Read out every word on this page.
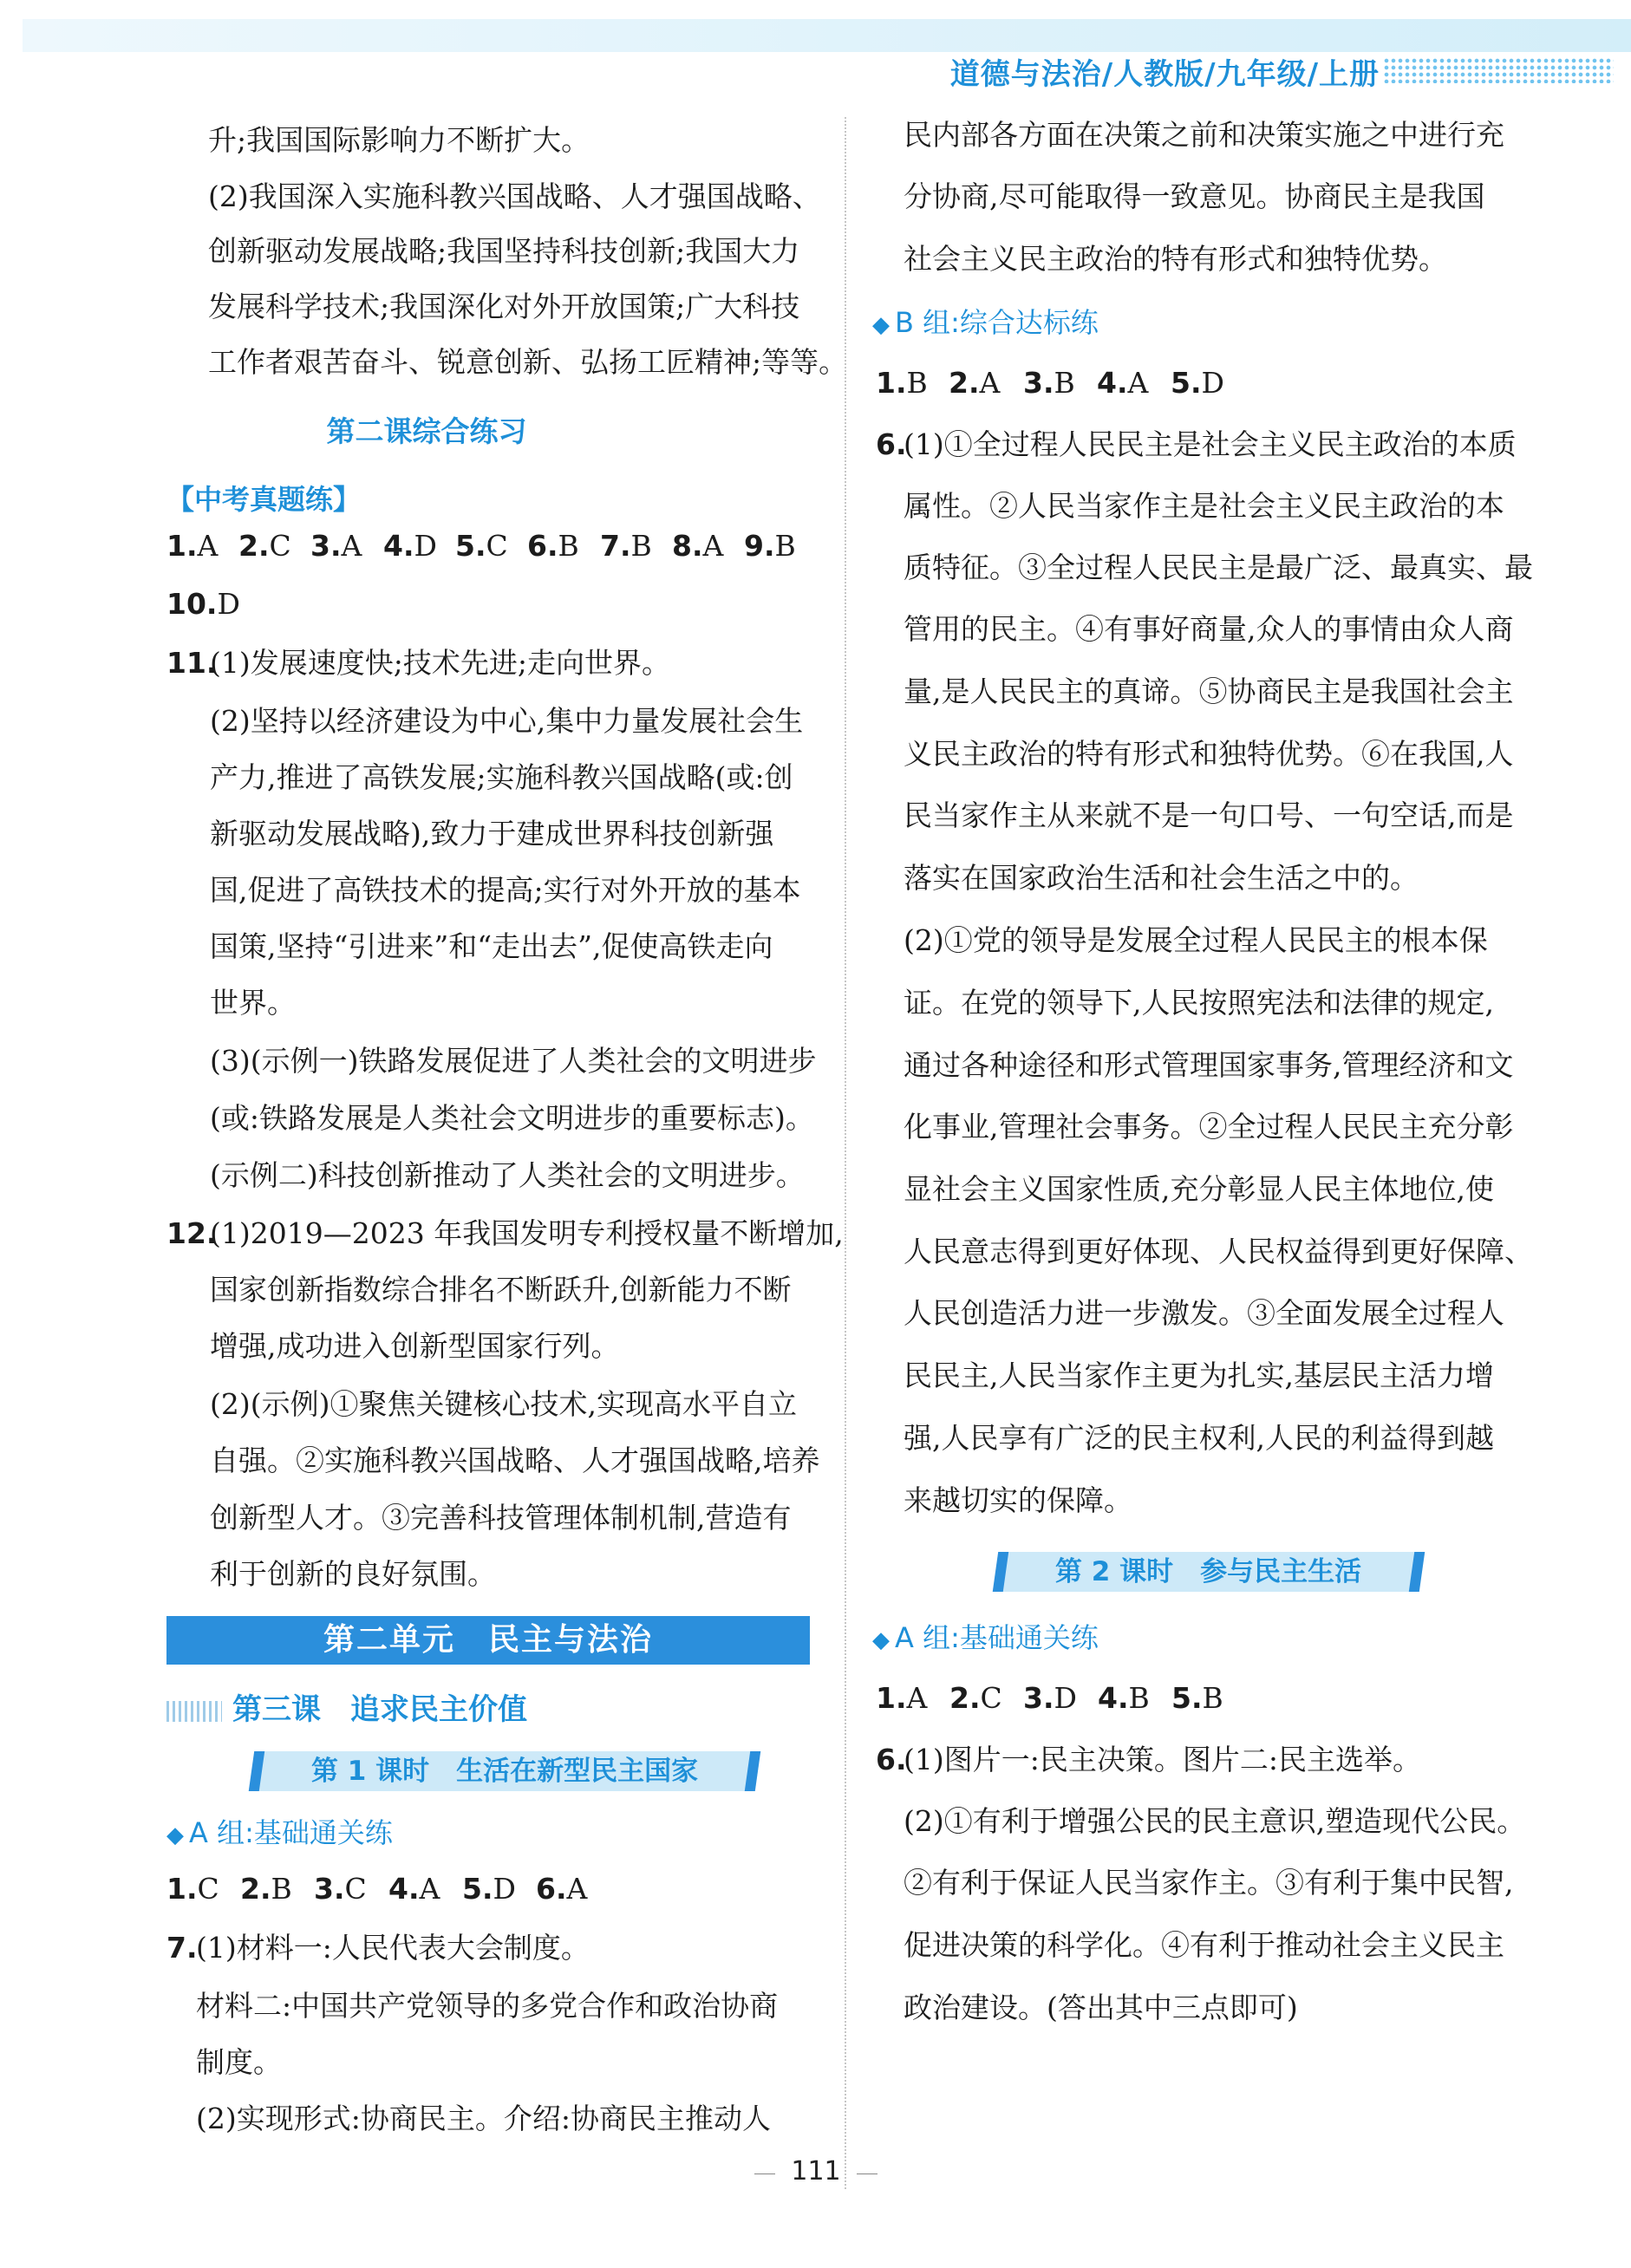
道德与法治/人教版/九年级/上册
升;我国国际影响力不断扩大。
(2)我国深入实施科教兴国战略、人才强国战略、
创新驱动发展战略;我国坚持科技创新;我国大力
发展科学技术;我国深化对外开放国策;广大科技
工作者艰苦奋斗、锐意创新、弘扬工匠精神;等等。
第二课综合练习
【中考真题练】
1.A 2.C 3.A 4.D 5.C 6.B 7.B 8.A 9.B
10.D
11.
(1)发展速度快;技术先进;走向世界。
(2)坚持以经济建设为中心,集中力量发展社会生
产力,推进了高铁发展;实施科教兴国战略(或:创
新驱动发展战略),致力于建成世界科技创新强
国,促进了高铁技术的提高;实行对外开放的基本
国策,坚持“引进来”和“走出去”,促使高铁走向
世界。
(3)(示例一)铁路发展促进了人类社会的文明进步
(或:铁路发展是人类社会文明进步的重要标志)。
(示例二)科技创新推动了人类社会的文明进步。
12.
(1)2019—2023 年我国发明专利授权量不断增加,
国家创新指数综合排名不断跃升,创新能力不断
增强,成功进入创新型国家行列。
(2)(示例)①聚焦关键核心技术,实现高水平自立
自强。②实施科教兴国战略、人才强国战略,培养
创新型人才。③完善科技管理体制机制,营造有
利于创新的良好氛围。
第二单元　民主与法治
第三课　追求民主价值
第 1 课时　生活在新型民主国家
◆ A 组:基础通关练
1.C 2.B 3.C 4.A 5.D 6.A
7.
(1)材料一:人民代表大会制度。
材料二:中国共产党领导的多党合作和政治协商
制度。
(2)实现形式:协商民主。介绍:协商民主推动人
民内部各方面在决策之前和决策实施之中进行充
分协商,尽可能取得一致意见。协商民主是我国
社会主义民主政治的特有形式和独特优势。
◆ B 组:综合达标练
1.B 2.A 3.B 4.A 5.D
6.
(1)①全过程人民民主是社会主义民主政治的本质
属性。②人民当家作主是社会主义民主政治的本
质特征。③全过程人民民主是最广泛、最真实、最
管用的民主。④有事好商量,众人的事情由众人商
量,是人民民主的真谛。⑤协商民主是我国社会主
义民主政治的特有形式和独特优势。⑥在我国,人
民当家作主从来就不是一句口号、一句空话,而是
落实在国家政治生活和社会生活之中的。
(2)①党的领导是发展全过程人民民主的根本保
证。在党的领导下,人民按照宪法和法律的规定,
通过各种途径和形式管理国家事务,管理经济和文
化事业,管理社会事务。②全过程人民民主充分彰
显社会主义国家性质,充分彰显人民主体地位,使
人民意志得到更好体现、人民权益得到更好保障、
人民创造活力进一步激发。③全面发展全过程人
民民主,人民当家作主更为扎实,基层民主活力增
强,人民享有广泛的民主权利,人民的利益得到越
来越切实的保障。
第 2 课时　参与民主生活
◆ A 组:基础通关练
1.A 2.C 3.D 4.B 5.B
6.
(1)图片一:民主决策。图片二:民主选举。
(2)①有利于增强公民的民主意识,塑造现代公民。
②有利于保证人民当家作主。③有利于集中民智,
促进决策的科学化。④有利于推动社会主义民主
政治建设。(答出其中三点即可)
111
